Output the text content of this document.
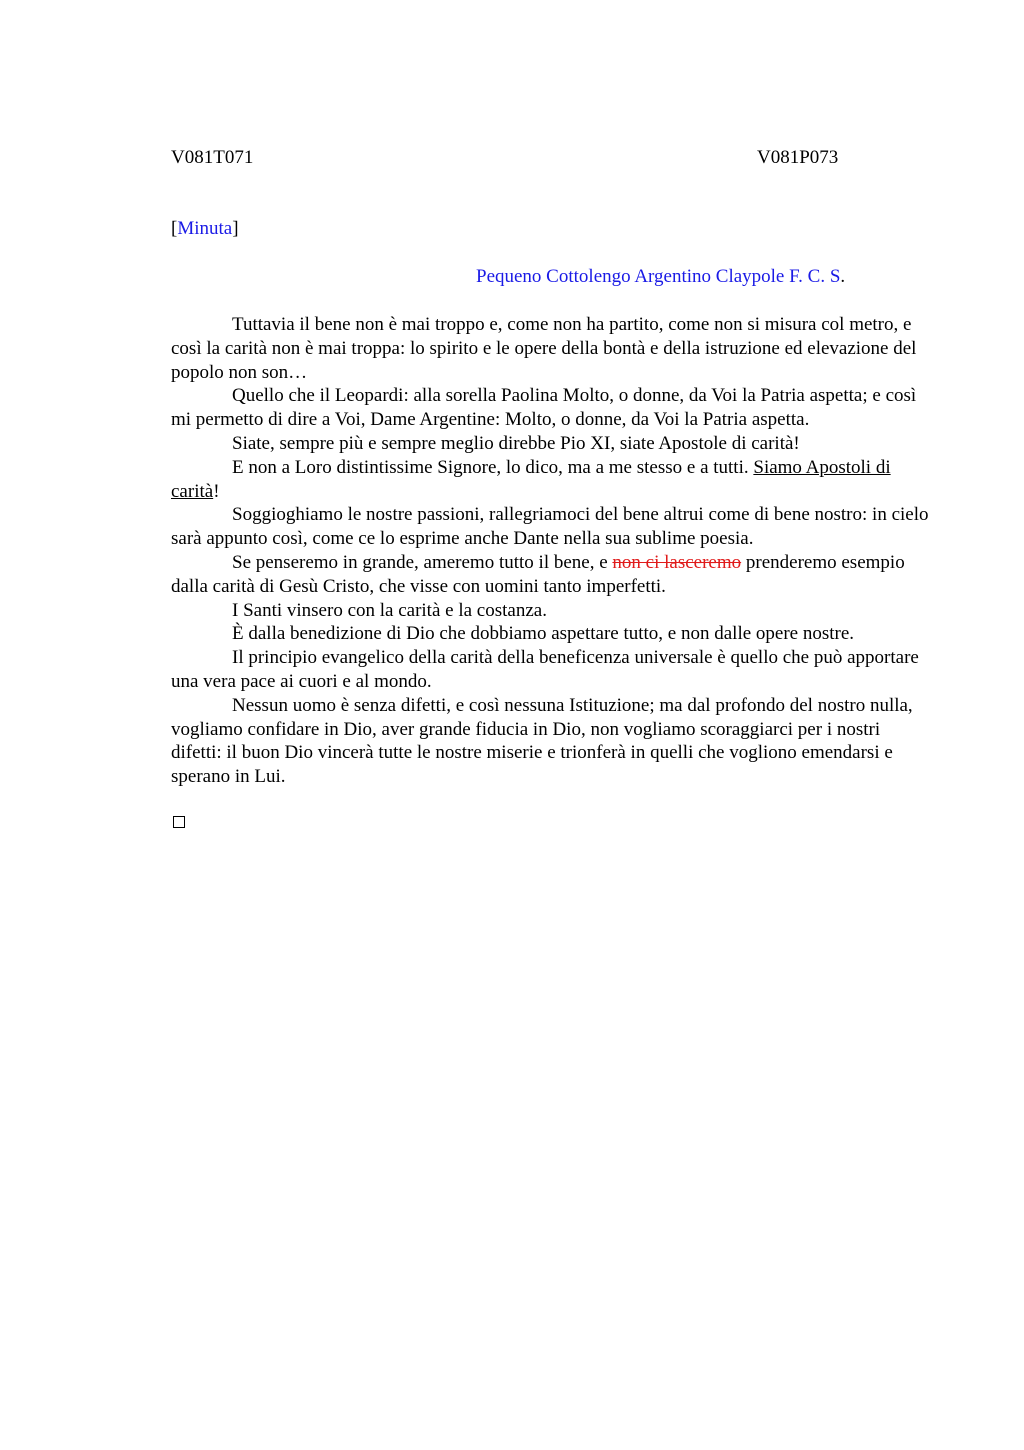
V081T071	V081P073
[Minuta]
Pequeno Cottolengo Argentino Claypole F. C. S.

Tuttavia il bene non è mai troppo e, come non ha partito, come non si misura col metro, e così la carità non è mai troppa: lo spirito e le opere della bontà e della istruzione ed elevazione del popolo non son…

Quello che il Leopardi: alla sorella Paolina Molto, o donne, da Voi la Patria aspetta; e così mi permetto di dire a Voi, Dame Argentine: Molto, o donne, da Voi la Patria aspetta.

Siate, sempre più e sempre meglio direbbe Pio XI, siate Apostole di carità!

E non a Loro distintissime Signore, lo dico, ma a me stesso e a tutti. Siamo Apostoli di carità!

Soggioghiamo le nostre passioni, rallegriamoci del bene altrui come di bene nostro: in cielo sarà appunto così, come ce lo esprime anche Dante nella sua sublime poesia.

Se penseremo in grande, ameremo tutto il bene, e non ci lasceremo prenderemo esempio dalla carità di Gesù Cristo, che visse con uomini tanto imperfetti.

I Santi vinsero con la carità e la costanza.

È dalla benedizione di Dio che dobbiamo aspettare tutto, e non dalle opere nostre.

Il principio evangelico della carità della beneficenza universale è quello che può apportare una vera pace ai cuori e al mondo.

Nessun uomo è senza difetti, e così nessuna Istituzione; ma dal profondo del nostro nulla, vogliamo confidare in Dio, aver grande fiducia in Dio, non vogliamo scoraggiarci per i nostri difetti: il buon Dio vincerà tutte le nostre miserie e trionferà in quelli che vogliono emendarsi e sperano in Lui.
